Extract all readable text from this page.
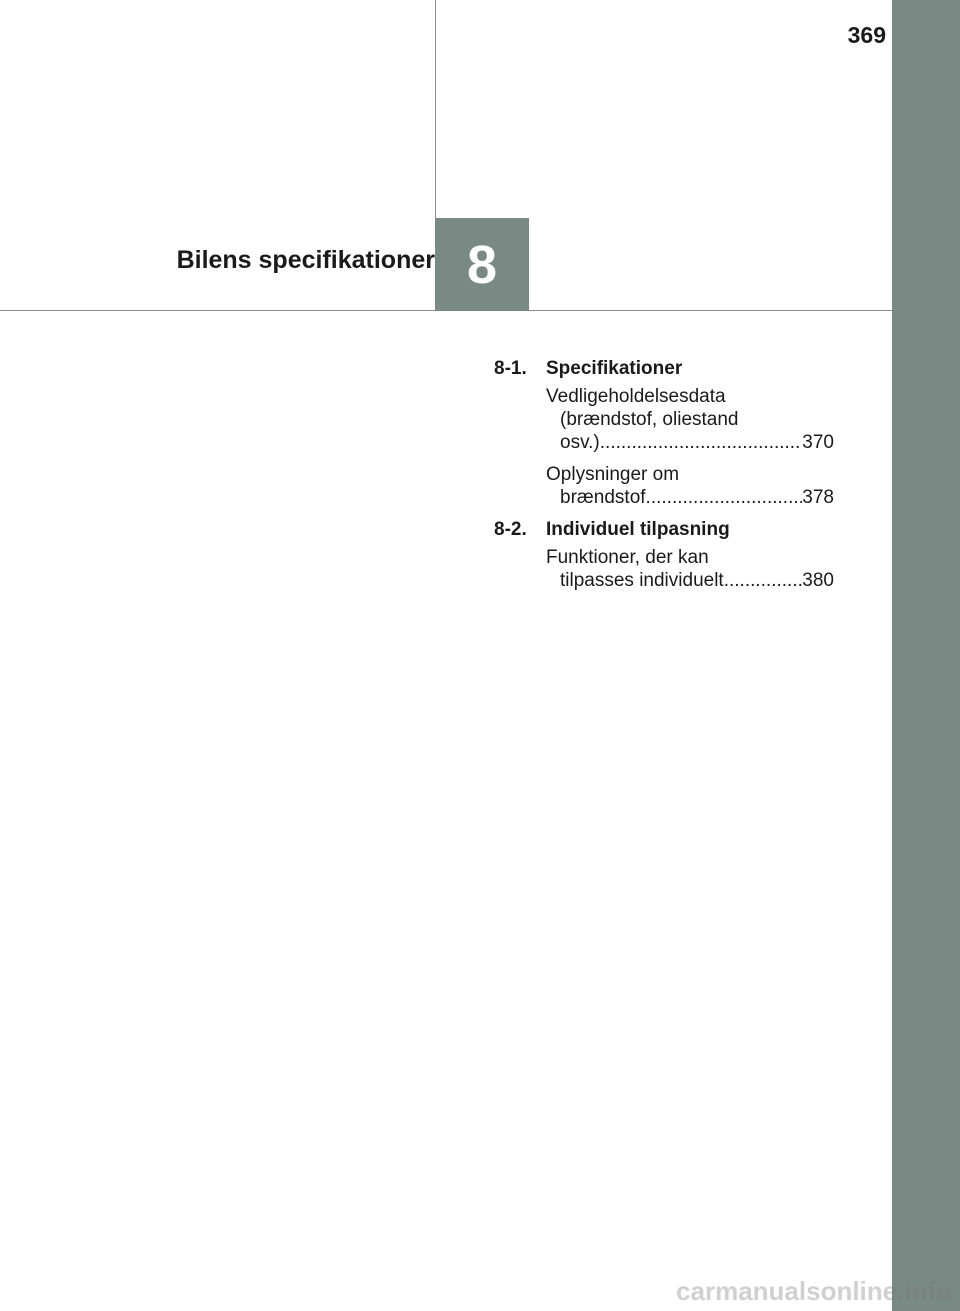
369
8
Bilens specifikationer
8-1.	Specifikationer
Vedligeholdelsesdata
(brændstof, oliestand
osv.) .....	370
Oplysninger om
brændstof .....	378
8-2.	Individuel tilpasning
Funktioner, der kan
tilpasses individuelt .....	380
carmanualsonline.info
